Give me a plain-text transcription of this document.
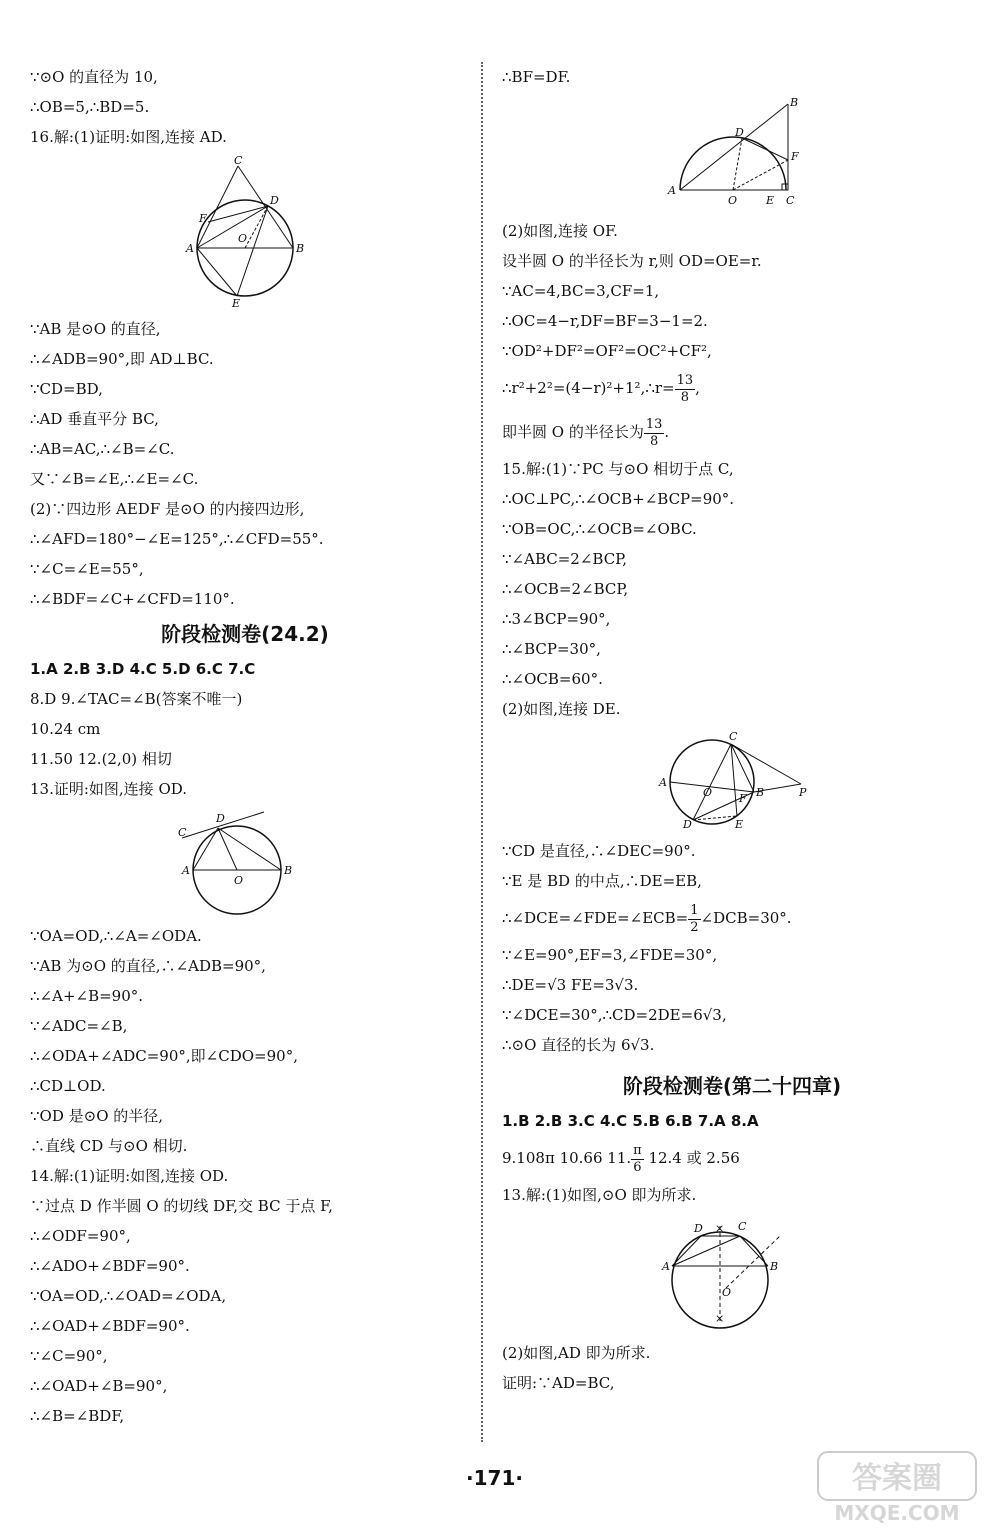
∵⊙O 的直径为 10,
∴OB=5,∴BD=5.
16.解:(1)证明:如图,连接 AD.
C
D
F
A
O
B
E
∵AB 是⊙O 的直径,
∴∠ADB=90°,即 AD⊥BC.
∵CD=BD,
∴AD 垂直平分 BC,
∴AB=AC,∴∠B=∠C.
又∵∠B=∠E,∴∠E=∠C.
(2)∵四边形 AEDF 是⊙O 的内接四边形,
∴∠AFD=180°−∠E=125°,∴∠CFD=55°.
∵∠C=∠E=55°,
∴∠BDF=∠C+∠CFD=110°.
阶段检测卷(24.2)
1.A 2.B 3.D 4.C 5.D 6.C 7.C
8.D 9.∠TAC=∠B(答案不唯一)
10.24 cm
11.50 12.(2,0) 相切
13.证明:如图,连接 OD.
C
D
A
O
B
∵OA=OD,∴∠A=∠ODA.
∵AB 为⊙O 的直径,∴∠ADB=90°,
∴∠A+∠B=90°.
∵∠ADC=∠B,
∴∠ODA+∠ADC=90°,即∠CDO=90°,
∴CD⊥OD.
∵OD 是⊙O 的半径,
∴直线 CD 与⊙O 相切.
14.解:(1)证明:如图,连接 OD.
∵过点 D 作半圆 O 的切线 DF,交 BC 于点 F,
∴∠ODF=90°,
∴∠ADO+∠BDF=90°.
∵OA=OD,∴∠OAD=∠ODA,
∴∠OAD+∠BDF=90°.
∵∠C=90°,
∴∠OAD+∠B=90°,
∴∠B=∠BDF,
∴BF=DF.
B
D
F
A
O	E C
(2)如图,连接 OF.
设半圆 O 的半径长为 r,则 OD=OE=r.
∵AC=4,BC=3,CF=1,
∴OC=4−r,DF=BF=3−1=2.
∵OD²+DF²=OF²=OC²+CF²,
∴r²+2²=(4−r)²+1²,∴r= $\frac{13}{8}$ ,
即半圆 O 的半径长为 $\frac{13}{8}$ .
15.解:(1)∵PC 与⊙O 相切于点 C,
∴OC⊥PC,∴∠OCB+∠BCP=90°.
∵OB=OC,∴∠OCB=∠OBC.
∵∠ABC=2∠BCP,
∴∠OCB=2∠BCP,
∴3∠BCP=90°,
∴∠BCP=30°,
∴∠OCB=60°.
(2)如图,连接 DE.
C
A
O F B	P
D	E
∵CD 是直径,∴∠DEC=90°.
∵E 是 BD 的中点,∴DE=EB,
∴∠DCE=∠FDE=∠ECB= $\frac{1}{2}$ ∠DCB=30°.
∵∠E=90°,EF=3,∠FDE=30°,
∴DE=√3 FE=3√3.
∵∠DCE=30°,∴CD=2DE=6√3,
∴⊙O 直径的长为 6√3.
阶段检测卷(第二十四章)
1.B 2.B 3.C 4.C 5.B 6.B 7.A 8.A
9.108π 10.66 11. $\frac{\pi}{6} 12.4$ 或 2.56
13.解:(1)如图,⊙O 即为所求.
×
×
D	C
A	B
O
(2)如图,AD 即为所求.
证明:∵AD=BC,
·171·	答案圈
MXQE.COM
